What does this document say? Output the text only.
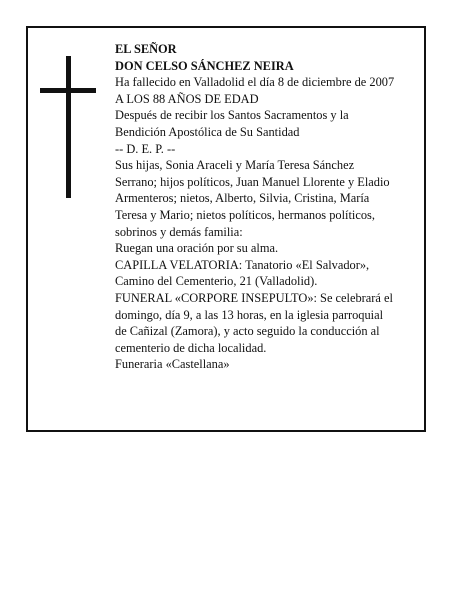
EL SEÑOR

DON CELSO SÁNCHEZ NEIRA

Ha fallecido en Valladolid el día 8 de diciembre de 2007

A LOS 88 AÑOS DE EDAD

Después de recibir los Santos Sacramentos y la

Bendición Apostólica de Su Santidad

-- D. E. P. --

Sus hijas, Sonia Araceli y María Teresa Sánchez

Serrano; hijos políticos, Juan Manuel Llorente y Eladio

Armenteros; nietos, Alberto, Silvia, Cristina, María

Teresa y Mario; nietos políticos, hermanos políticos,

sobrinos y demás familia:

Ruegan una oración por su alma.

CAPILLA VELATORIA: Tanatorio «El Salvador»,

Camino del Cementerio, 21 (Valladolid).

FUNERAL «CORPORE INSEPULTO»: Se celebrará el

domingo, día 9, a las 13 horas, en la iglesia parroquial

de Cañizal (Zamora), y acto seguido la conducción al

cementerio de dicha localidad.

Funeraria «Castellana»
